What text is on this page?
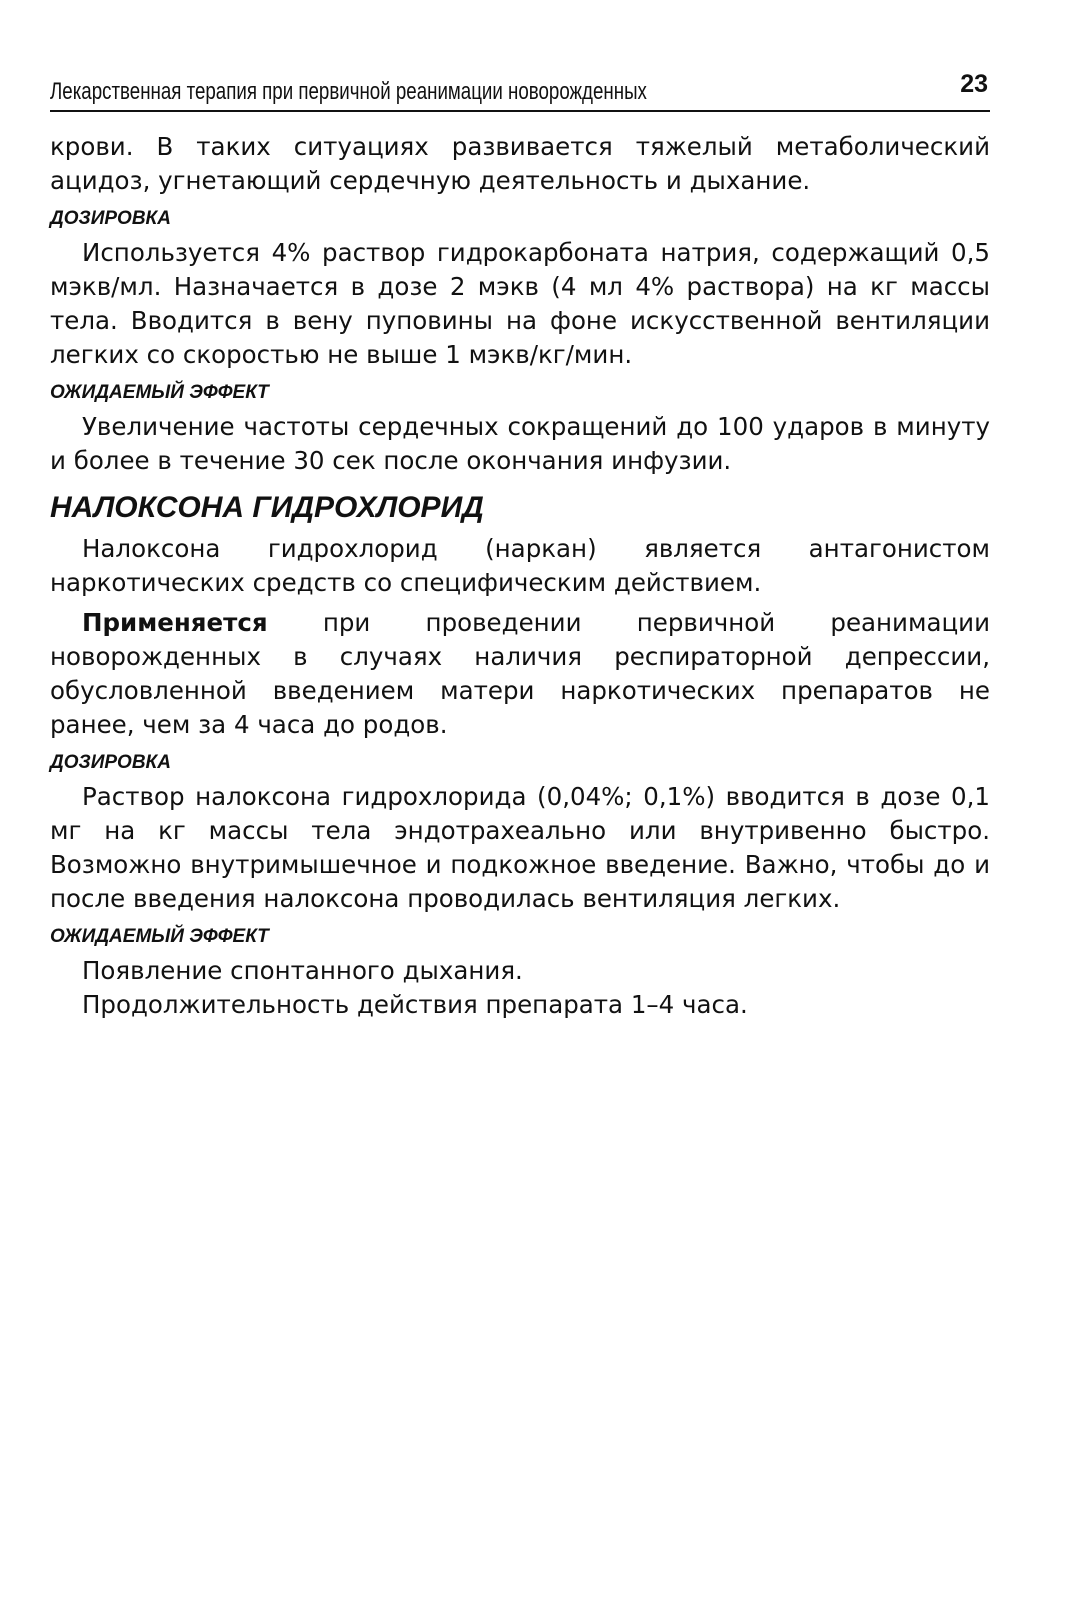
Лекарственная терапия при первичной реанимации новорожденных	23

крови. В таких ситуациях развивается тяжелый метаболический ацидоз, угнетающий сердечную деятельность и дыхание.

ДОЗИРОВКА

Используется 4% раствор гидрокарбоната натрия, содержащий 0,5 мэкв/мл. Назначается в дозе 2 мэкв (4 мл 4% раствора) на кг массы тела. Вводится в вену пуповины на фоне искусственной вентиляции легких со скоростью не выше 1 мэкв/кг/мин.

ОЖИДАЕМЫЙ ЭФФЕКТ

Увеличение частоты сердечных сокращений до 100 ударов в минуту и более в течение 30 сек после окончания инфузии.

НАЛОКСОНА ГИДРОХЛОРИД

Налоксона гидрохлорид (наркан) является антагонистом наркотических средств со специфическим действием.

Применяется при проведении первичной реанимации новорожденных в случаях наличия респираторной депрессии, обусловленной введением матери наркотических препаратов не ранее, чем за 4 часа до родов.

ДОЗИРОВКА

Раствор налоксона гидрохлорида (0,04%; 0,1%) вводится в дозе 0,1 мг на кг массы тела эндотрахеально или внутривенно быстро. Возможно внутримышечное и подкожное введение. Важно, чтобы до и после введения налоксона проводилась вентиляция легких.

ОЖИДАЕМЫЙ ЭФФЕКТ

Появление спонтанного дыхания.

Продолжительность действия препарата 1–4 часа.
